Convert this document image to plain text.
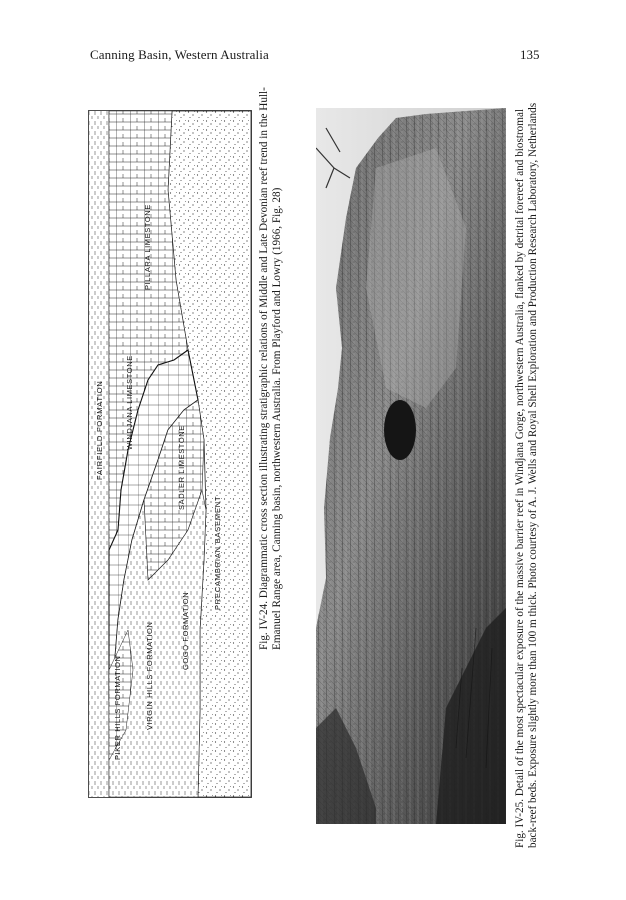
Canning Basin, Western Australia	135
FAIRFIELD FORMATION	WINDJANA LIMESTONE
PILLARA LIMESTONE
SADLER LIMESTONE
PIKER HILLS FORMATION	VIRGIN HILLS FORMATION	GOGO FORMATION
PRECAMBRIAN BASEMENT
Fig. IV-24. Diagrammatic cross section illustrating stratigraphic relations of Middle and Late Devonian reef trend in the Hull-Emanuel Range area, Canning basin, northwestern Australia. From Playford and Lowry (1966, Fig. 28)
Fig. IV-25. Detail of the most spectacular exposure of the massive barrier reef in Windjana Gorge, northwestern Australia, flanked by detrital forereef and biostromal back-reef beds. Exposure slightly more than 100 m thick. Photo courtesy of A. J. Wells and Royal Shell Exploration and Production Research Laboratory, Netherlands
